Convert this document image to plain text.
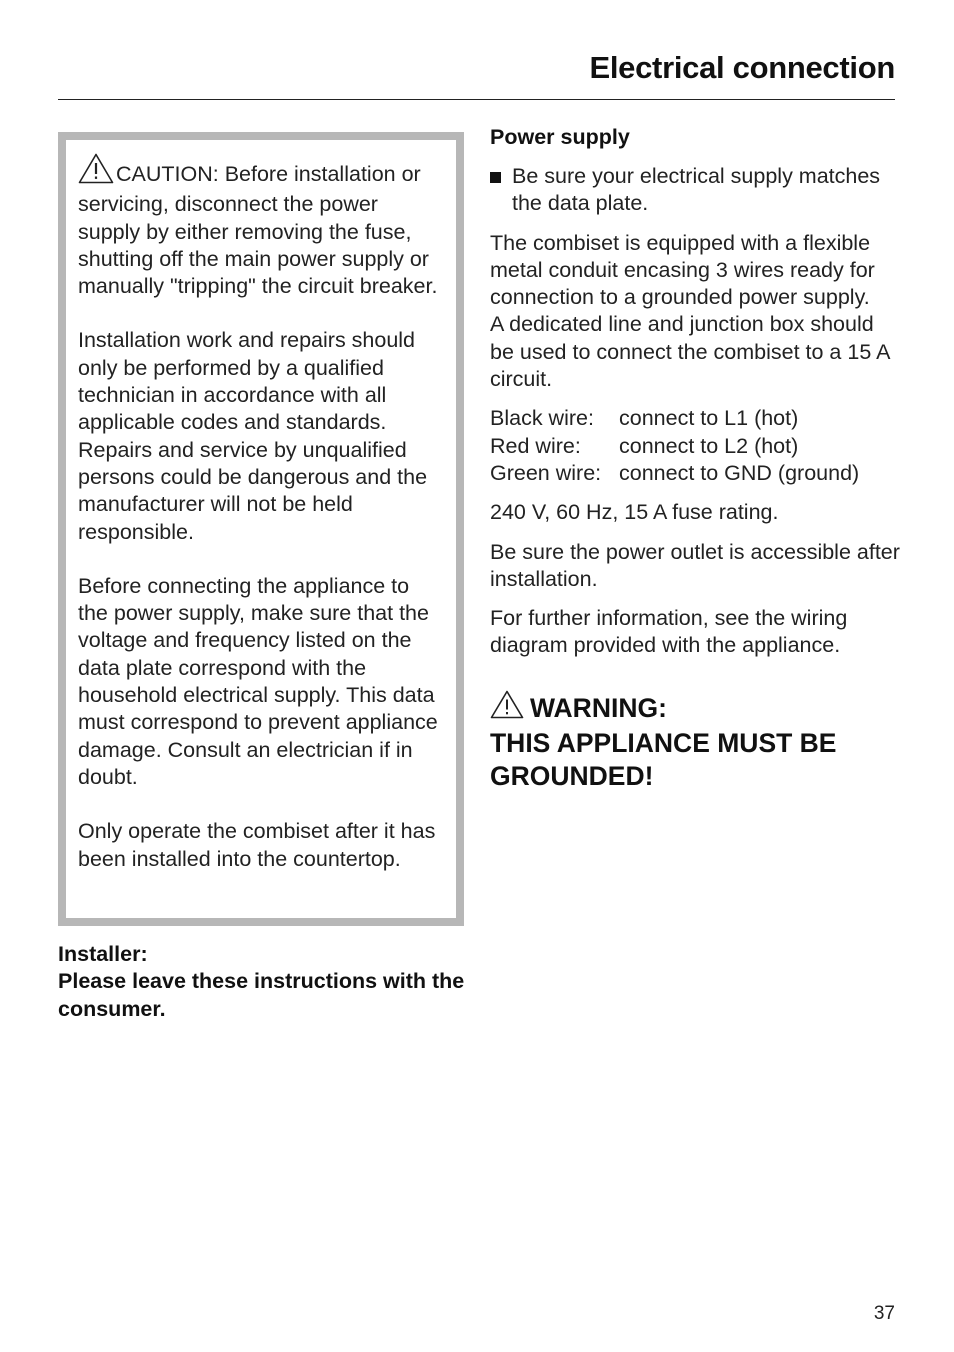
Electrical connection

CAUTION: Before installation or servicing, disconnect the power supply by either removing the fuse, shutting off the main power supply or manually "tripping" the circuit breaker.

Installation work and repairs should only be performed by a qualified technician in accordance with all applicable codes and standards. Repairs and service by unqualified persons could be dangerous and the manufacturer will not be held responsible.

Before connecting the appliance to the power supply, make sure that the voltage and frequency listed on the data plate correspond with the household electrical supply. This data must correspond to prevent appliance damage. Consult an electrician if in doubt.

Only operate the combiset after it has been installed into the countertop.

Installer:
Please leave these instructions with the consumer.
Power supply
Be sure your electrical supply matches the data plate.
The combiset is equipped with a flexible metal conduit encasing 3 wires ready for connection to a grounded power supply.
A dedicated line and junction box should be used to connect the combiset to a 15 A circuit.
Black wire:	connect to L1 (hot)
Red wire:	connect to L2 (hot)
Green wire:	connect to GND (ground)
240 V, 60 Hz, 15 A fuse rating.
Be sure the power outlet is accessible after installation.
For further information, see the wiring diagram provided with the appliance.
WARNING:
THIS APPLIANCE MUST BE
GROUNDED!
37
